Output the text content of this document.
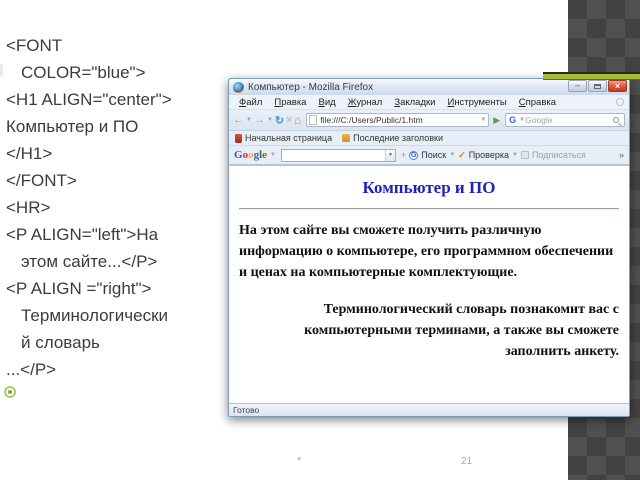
<FONT
COLOR="blue">
<H1 ALIGN="center">
Компьютер и ПО
</H1>
</FONT>
<HR>
<P ALIGN="left">На
этом сайте...</P>
<P ALIGN ="right">
Терминологически
й словарь
...</P>
Компьютер - Mozilla Firefox	–	×
Файл	Правка	Вид	Журнал	Закладки	Инструменты	Справка
← ▼ → ▼ ↻ × ⌂ file:///C:/Users/Public/1.htm	▼ ▶ G ▼ Google
Начальная страница Последние заголовки
Google ▼	▼ + G Поиск ▼ ✓ Проверка ▼ Подписаться	»
Компьютер и ПО
На этом сайте вы сможете получить различную информацию о компьютере, его программном обеспечении и ценах на компьютерные комплектующие.
Терминологический словарь познакомит вас с компьютерными терминами, а также вы сможете заполнить анкету.
Готово
*	21
